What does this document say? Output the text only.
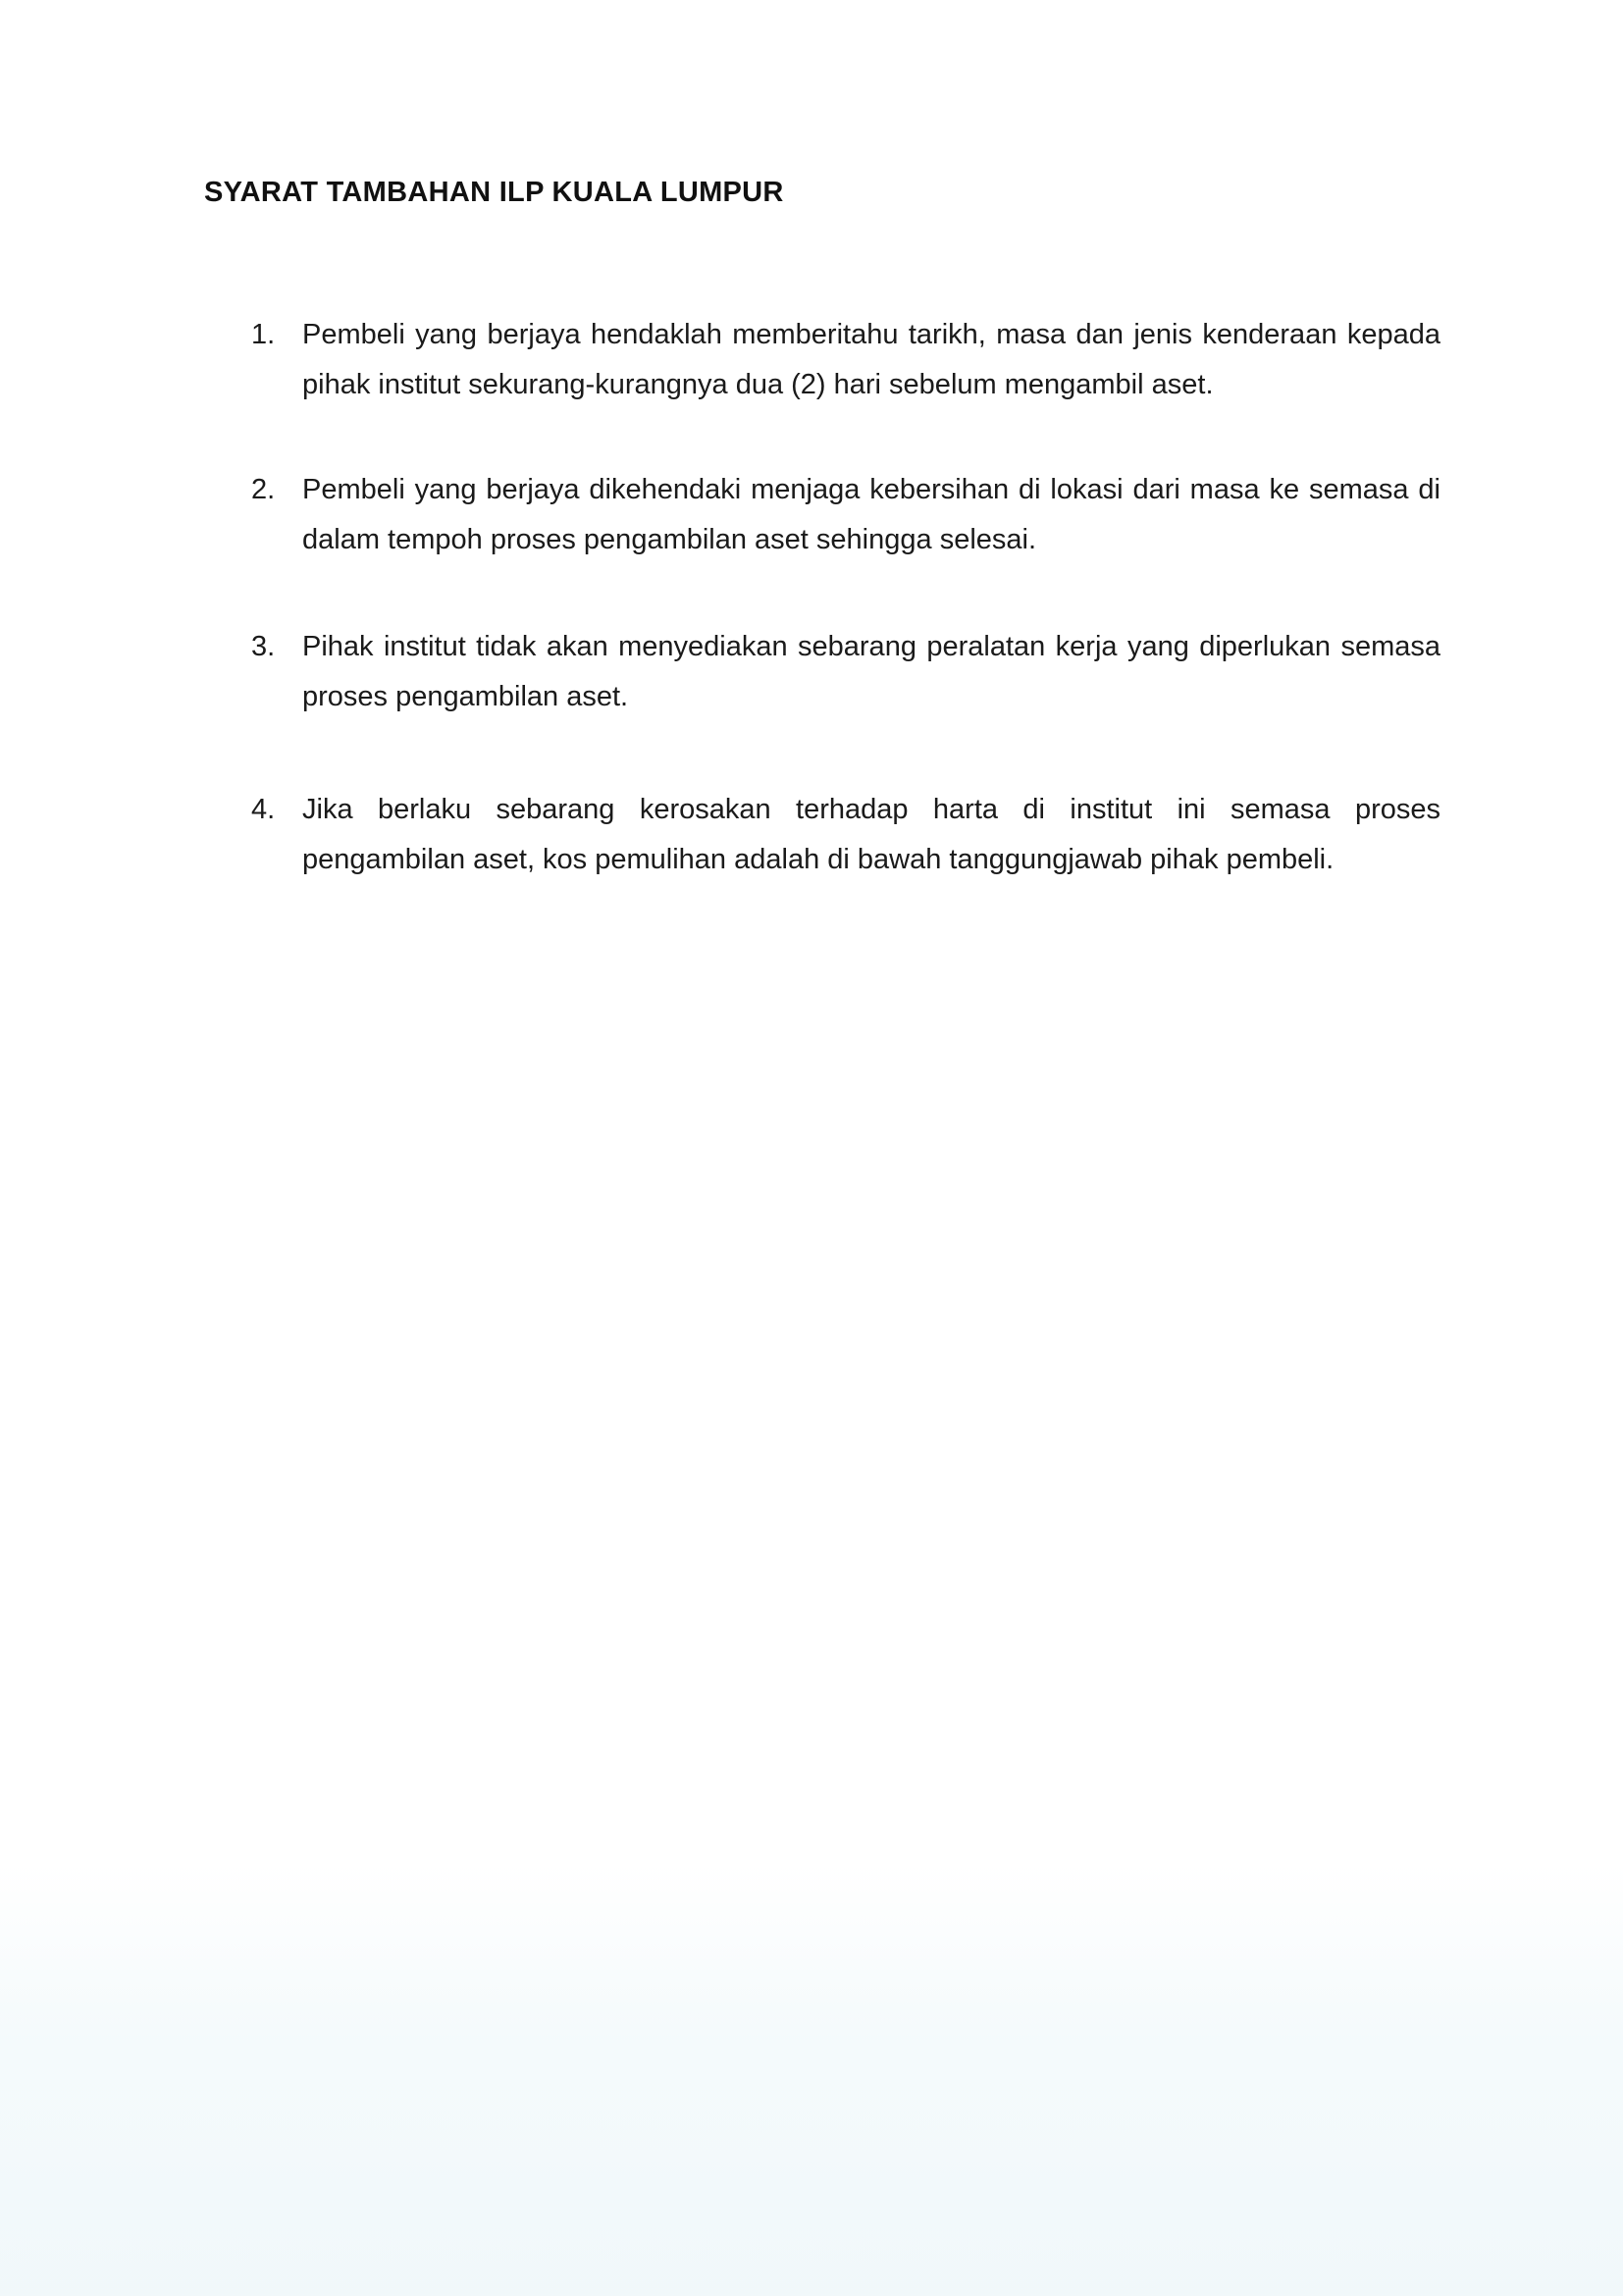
SYARAT TAMBAHAN ILP KUALA LUMPUR
1. Pembeli yang berjaya hendaklah memberitahu tarikh, masa dan jenis kenderaan kepada pihak institut sekurang-kurangnya dua (2) hari sebelum mengambil aset.
2. Pembeli yang berjaya dikehendaki menjaga kebersihan di lokasi dari masa ke semasa di dalam tempoh proses pengambilan aset sehingga selesai.
3. Pihak institut tidak akan menyediakan sebarang peralatan kerja yang diperlukan semasa proses pengambilan aset.
4. Jika berlaku sebarang kerosakan terhadap harta di institut ini semasa proses pengambilan aset, kos pemulihan adalah di bawah tanggungjawab pihak pembeli.
